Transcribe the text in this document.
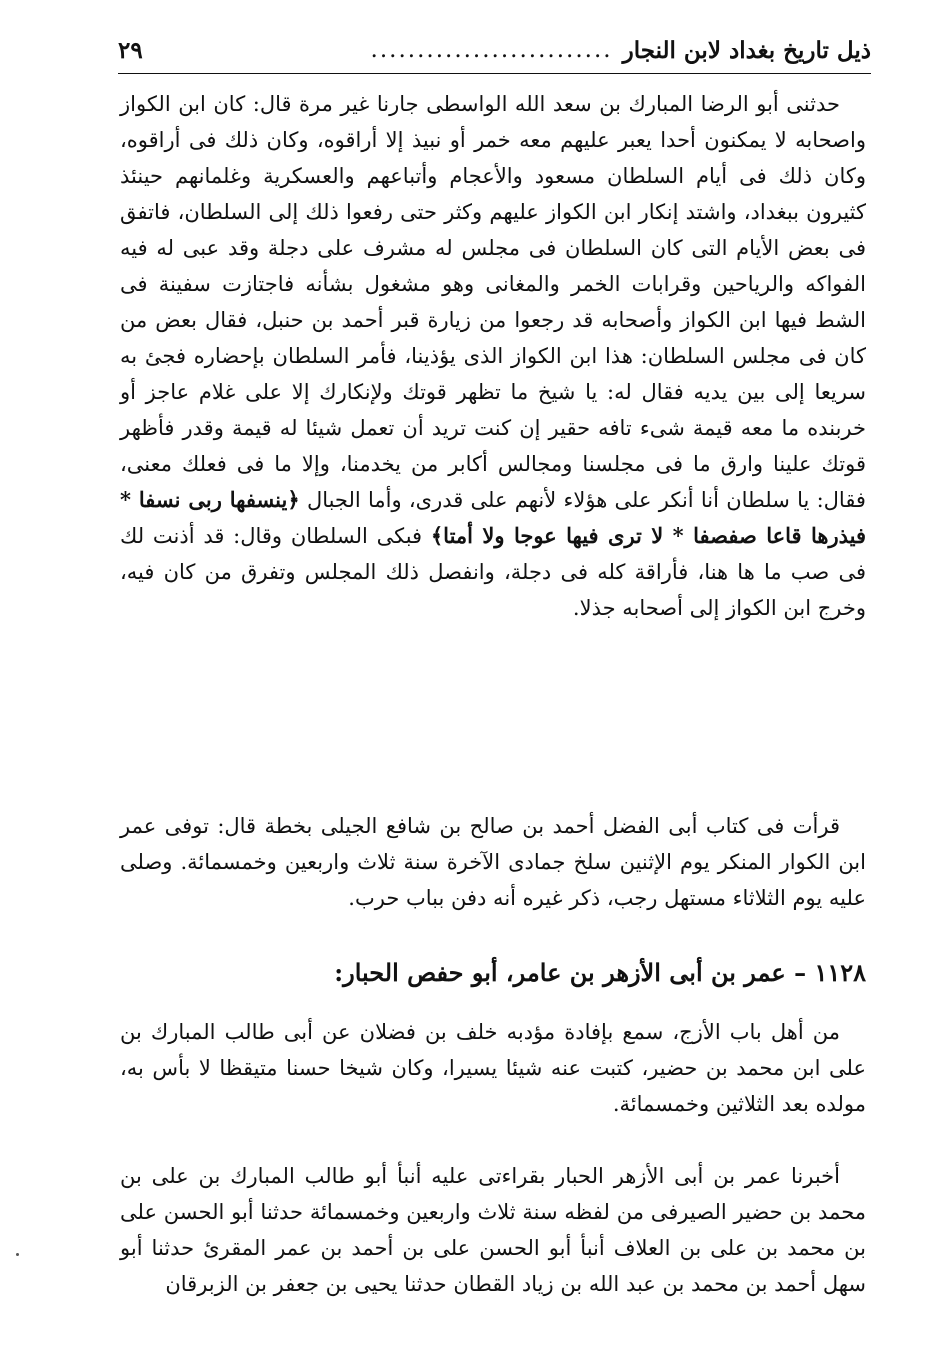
ذيل تاريخ بغداد لابن النجار
..........................
٢٩

حدثنى أبو الرضا المبارك بن سعد الله الواسطى جارنا غير مرة قال: كان ابن الكواز واصحابه لا يمكنون أحدا يعبر عليهم معه خمر أو نبيذ إلا أراقوه، وكان ذلك فى أراقوه، وكان ذلك فى أيام السلطان مسعود والأعجام وأتباعهم والعسكرية وغلمانهم حينئذ كثيرون ببغداد، واشتد إنكار ابن الكواز عليهم وكثر حتى رفعوا ذلك إلى السلطان، فاتفق فى بعض الأيام التى كان السلطان فى مجلس له مشرف على دجلة وقد عبى له فيه الفواكه والرياحين وقرابات الخمر والمغانى وهو مشغول بشأنه فاجتازت سفينة فى الشط فيها ابن الكواز وأصحابه قد رجعوا من زيارة قبر أحمد بن حنبل، فقال بعض من كان فى مجلس السلطان: هذا ابن الكواز الذى يؤذينا، فأمر السلطان بإحضاره فجئ به سريعا إلى بين يديه فقال له: يا شيخ ما تظهر قوتك ولإنكارك إلا على غلام عاجز أو خربنده ما معه قيمة شىء تافه حقير إن كنت تريد أن تعمل شيئا له قيمة وقدر فأظهر قوتك علينا وارق ما فى مجلسنا ومجالس أكابر من يخدمنا، وإلا ما فى فعلك معنى، فقال: يا سلطان أنا أنكر على هؤلاء لأنهم على قدرى، وأما الجبال ﴿ينسفها ربى نسفا * فيذرها قاعا صفصفا * لا ترى فيها عوجا ولا أمتا﴾ فبكى السلطان وقال: قد أذنت لك فى صب ما ها هنا، فأراقة كله فى دجلة، وانفصل ذلك المجلس وتفرق من كان فيه، وخرج ابن الكواز إلى أصحابه جذلا.

قرأت فى كتاب أبى الفضل أحمد بن صالح بن شافع الجيلى بخطة قال: توفى عمر ابن الكوار المنكر يوم الإثنين سلخ جمادى الآخرة سنة ثلاث واربعين وخمسمائة. وصلى عليه يوم الثلاثاء مستهل رجب، ذكر غيره أنه دفن بباب حرب.

١١٢٨ – عمر بن أبى الأزهر بن عامر، أبو حفص الحبار:

من أهل باب الأزج، سمع بإفادة مؤدبه خلف بن فضلان عن أبى طالب المبارك بن على ابن محمد بن حضير، كتبت عنه شيئا يسيرا، وكان شيخا حسنا متيقظا لا بأس به، مولده بعد الثلاثين وخمسمائة.

أخبرنا عمر بن أبى الأزهر الحبار بقراءتى عليه أنبأ أبو طالب المبارك بن على بن محمد بن حضير الصيرفى من لفظه سنة ثلاث واربعين وخمسمائة حدثنا أبو الحسن على بن محمد بن على بن العلاف أنبأ أبو الحسن على بن أحمد بن عمر المقرئ حدثنا أبو سهل أحمد بن محمد بن عبد الله بن زياد القطان حدثنا يحيى بن جعفر بن الزبرقان
